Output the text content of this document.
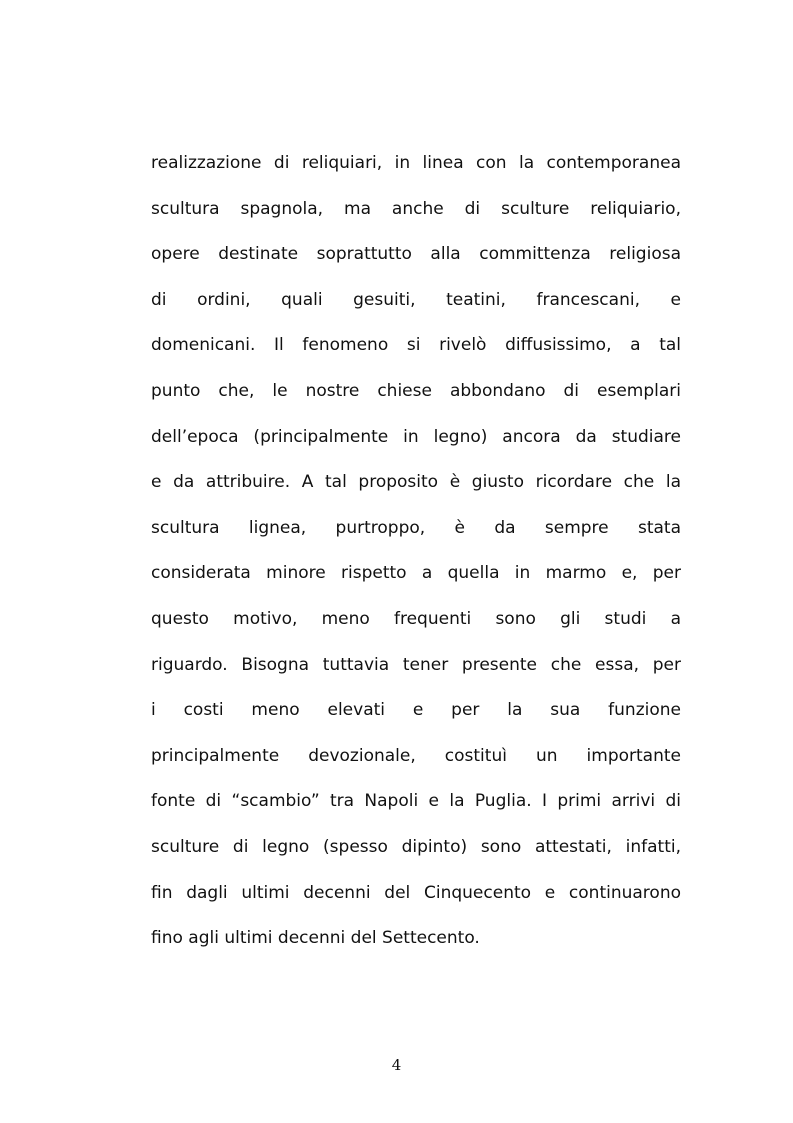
realizzazione di reliquiari, in linea con la contemporanea
scultura spagnola, ma anche di sculture reliquiario,
opere destinate soprattutto alla committenza religiosa
di ordini, quali gesuiti, teatini, francescani, e
domenicani. Il fenomeno si rivelò diffusissimo, a tal
punto che, le nostre chiese abbondano di esemplari
dell’epoca (principalmente in legno) ancora da studiare
e da attribuire. A tal proposito è giusto ricordare che la
scultura lignea, purtroppo, è da sempre stata
considerata minore rispetto a quella in marmo e, per
questo motivo, meno frequenti sono gli studi a
riguardo. Bisogna tuttavia tener presente che essa, per
i costi meno elevati e per la sua funzione
principalmente devozionale, costituì un importante
fonte di “scambio” tra Napoli e la Puglia. I primi arrivi di
sculture di legno (spesso dipinto) sono attestati, infatti,
fin dagli ultimi decenni del Cinquecento e continuarono
fino agli ultimi decenni del Settecento.
4
